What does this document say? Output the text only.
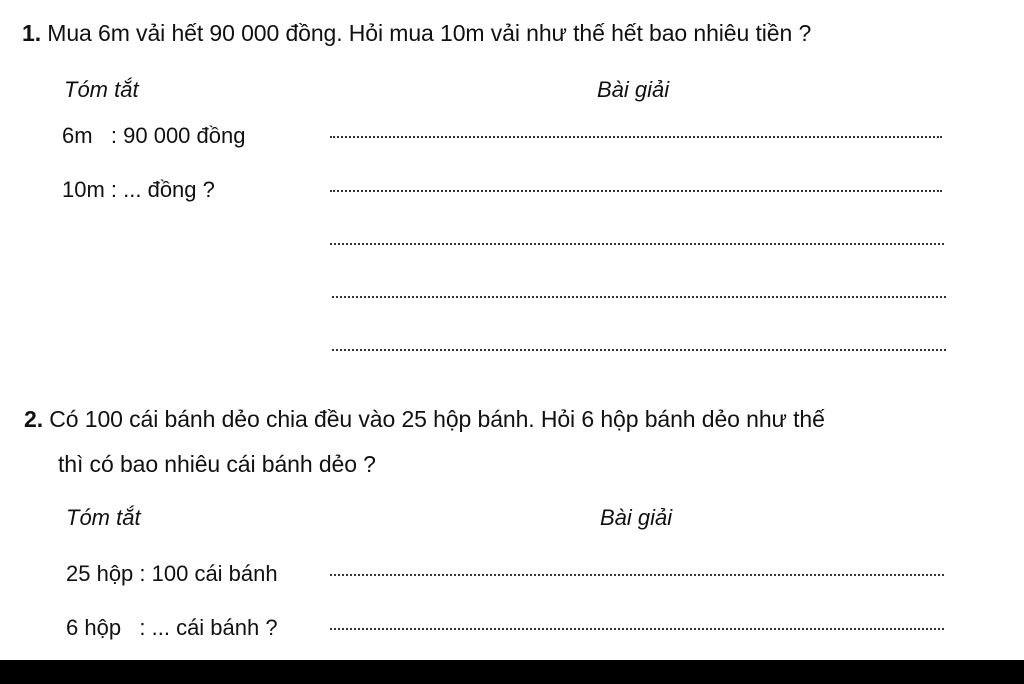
1. Mua 6m vải hết 90 000 đồng. Hỏi mua 10m vải như thế hết bao nhiêu tiền ?
Tóm tắt	Bài giải
6m   : 90 000 đồng
10m : ... đồng ?
2. Có 100 cái bánh dẻo chia đều vào 25 hộp bánh. Hỏi 6 hộp bánh dẻo như thế
thì có bao nhiêu cái bánh dẻo ?
Tóm tắt	Bài giải
25 hộp : 100 cái bánh
6 hộp   : ... cái bánh ?
